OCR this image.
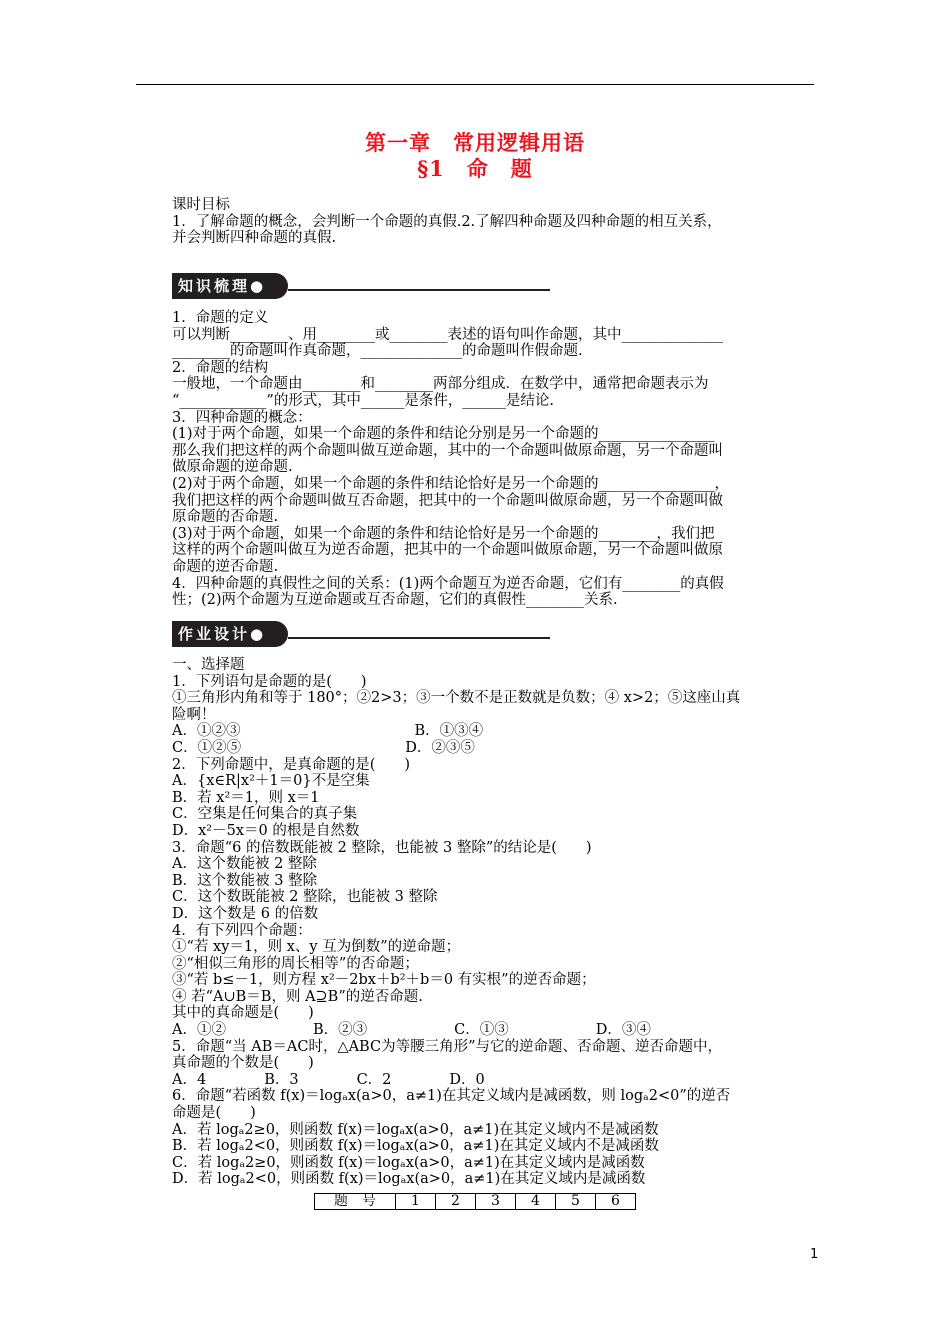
第一章　常用逻辑用语
§1　命　题
课时目标
1．了解命题的概念，会判断一个命题的真假.2.了解四种命题及四种命题的相互关系，
并会判断四种命题的真假.
知识梳理●
1．命题的定义
可以判断________、用________或________表述的语句叫作命题，其中______________
________的命题叫作真命题，______________的命题叫作假命题.
2．命题的结构
一般地，一个命题由________和________两部分组成．在数学中，通常把命题表示为
“____________”的形式，其中______是条件，______是结论.
3．四种命题的概念：
(1)对于两个命题，如果一个命题的条件和结论分别是另一个命题的________________
那么我们把这样的两个命题叫做互逆命题，其中的一个命题叫做原命题，另一个命题叫
做原命题的逆命题.
(2)对于两个命题，如果一个命题的条件和结论恰好是另一个命题的________________，
我们把这样的两个命题叫做互否命题，把其中的一个命题叫做原命题，另一个命题叫做
原命题的否命题.
(3)对于两个命题，如果一个命题的条件和结论恰好是另一个命题的________，我们把
这样的两个命题叫做互为逆否命题，把其中的一个命题叫做原命题，另一个命题叫做原
命题的逆否命题.
4．四种命题的真假性之间的关系：(1)两个命题互为逆否命题，它们有________的真假
性；(2)两个命题为互逆命题或互否命题，它们的真假性________关系.
作业设计●
一、选择题
1．下列语句是命题的是(　　)
①三角形内角和等于 180°；②2>3；③一个数不是正数就是负数；④ x>2；⑤这座山真
险啊！
A．①②③　　　　　　　　　　　　B．①③④
C．①②⑤　　　　　　　　　　　 D．②③⑤
2．下列命题中，是真命题的是(　　)
A．{x∈R|x²＋1＝0}不是空集
B．若 x²＝1，则 x＝1
C．空集是任何集合的真子集
D．x²－5x＝0 的根是自然数
3．命题“6 的倍数既能被 2 整除，也能被 3 整除”的结论是(　　)
A．这个数能被 2 整除
B．这个数能被 3 整除
C．这个数既能被 2 整除，也能被 3 整除
D．这个数是 6 的倍数
4．有下列四个命题：
①“若 xy＝1，则 x、y 互为倒数”的逆命题；
②“相似三角形的周长相等”的否命题；
③“若 b≤－1，则方程 x²－2bx＋b²＋b＝0 有实根”的逆否命题；
④ 若“A∪B＝B，则 A⊇B”的逆否命题.
其中的真命题是(　　)
A．①②　　　　　　B．②③　　　　　　C．①③　　　　　　D．③④
5．命题“当 AB＝AC时，△ABC为等腰三角形”与它的逆命题、否命题、逆否命题中，
真命题的个数是(　　)
A．4　　　　B．3　　　　C．2　　　　D．0
6．命题“若函数 f(x)＝logₐx(a>0，a≠1)在其定义域内是减函数，则 logₐ2<0”的逆否
命题是(　　)
A．若 logₐ2≥0，则函数 f(x)＝logₐx(a>0，a≠1)在其定义域内不是减函数
B．若 logₐ2<0，则函数 f(x)＝logₐx(a>0，a≠1)在其定义域内不是减函数
C．若 logₐ2≥0，则函数 f(x)＝logₐx(a>0，a≠1)在其定义域内是减函数
D．若 logₐ2<0，则函数 f(x)＝logₐx(a>0，a≠1)在其定义域内是减函数
题　号	1	2	3	4	5	6
1
